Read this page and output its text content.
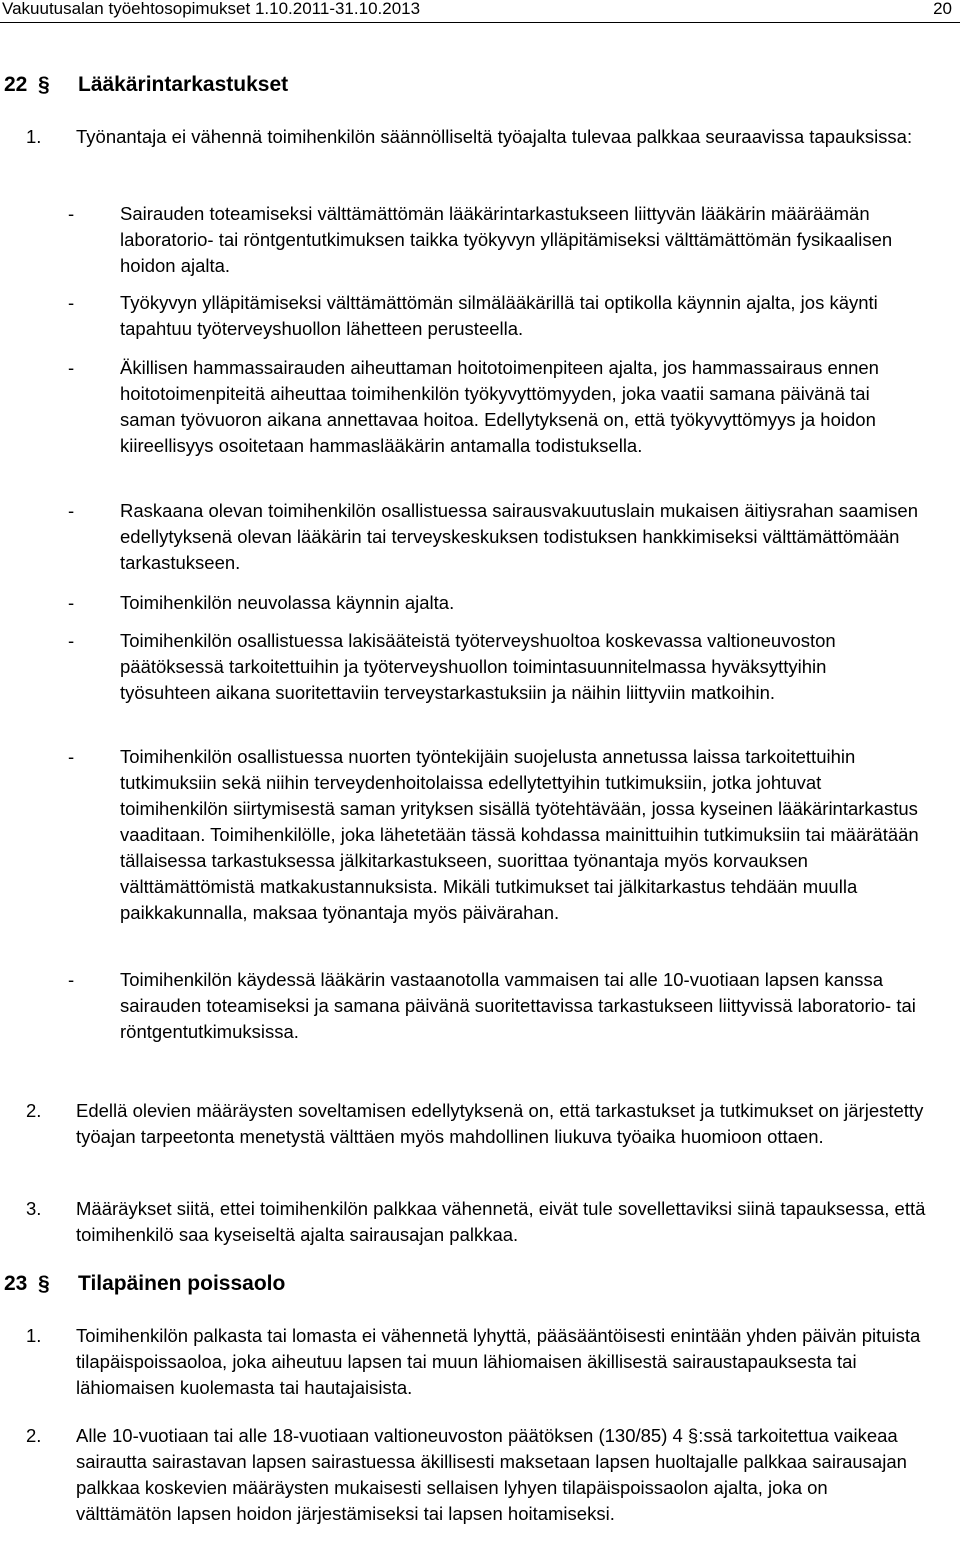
Vakuutusalan työehtosopimukset 1.10.2011-31.10.2013	20
22 § Lääkärintarkastukset
1. Työnantaja ei vähennä toimihenkilön säännölliseltä työajalta tulevaa palkkaa seuraavissa tapauksissa:
- Sairauden toteamiseksi välttämättömän lääkärintarkastukseen liittyvän lääkärin määräämän laboratorio- tai röntgentutkimuksen taikka työkyvyn ylläpitämiseksi välttämättömän fysikaalisen hoidon ajalta.
- Työkyvyn ylläpitämiseksi välttämättömän silmälääkärillä tai optikolla käynnin ajalta, jos käynti tapahtuu työterveyshuollon lähetteen perusteella.
- Äkillisen hammassairauden aiheuttaman hoitotoimenpiteen ajalta, jos hammassairaus ennen hoitotoimenpiteitä aiheuttaa toimihenkilön työkyvyttömyyden, joka vaatii samana päivänä tai saman työvuoron aikana annettavaa hoitoa. Edellytyksenä on, että työkyvyttömyys ja hoidon kiireellisyys osoitetaan hammaslääkärin antamalla todistuksella.
- Raskaana olevan toimihenkilön osallistuessa sairausvakuutuslain mukaisen äitiysrahan saamisen edellytyksenä olevan lääkärin tai terveyskeskuksen todistuksen hankkimiseksi välttämättömään tarkastukseen.
- Toimihenkilön neuvolassa käynnin ajalta.
- Toimihenkilön osallistuessa lakisääteistä työterveyshuoltoa koskevassa valtioneuvoston päätöksessä tarkoitettuihin ja työterveyshuollon toimintasuunnitelmassa hyväksyttyihin työsuhteen aikana suoritettaviin terveystarkastuksiin ja näihin liittyviin matkoihin.
- Toimihenkilön osallistuessa nuorten työntekijäin suojelusta annetussa laissa tarkoitettuihin tutkimuksiin sekä niihin terveydenhoitolaissa edellytettyihin tutkimuksiin, jotka johtuvat toimihenkilön siirtymisestä saman yrityksen sisällä työtehtävään, jossa kyseinen lääkärintarkastus vaaditaan. Toimihenkilölle, joka lähetetään tässä kohdassa mainittuihin tutkimuksiin tai määrätään tällaisessa tarkastuksessa jälkitarkastukseen, suorittaa työnantaja myös korvauksen välttämättömistä matkakustannuksista. Mikäli tutkimukset tai jälkitarkastus tehdään muulla paikkakunnalla, maksaa työnantaja myös päivärahan.
- Toimihenkilön käydessä lääkärin vastaanotolla vammaisen tai alle 10-vuotiaan lapsen kanssa sairauden toteamiseksi ja samana päivänä suoritettavissa tarkastukseen liittyvissä laboratorio- tai röntgentutkimuksissa.
2. Edellä olevien määräysten soveltamisen edellytyksenä on, että tarkastukset ja tutkimukset on järjestetty työajan tarpeetonta menetystä välttäen myös mahdollinen liukuva työaika huomioon ottaen.
3. Määräykset siitä, ettei toimihenkilön palkkaa vähennetä, eivät tule sovellettaviksi siinä tapauksessa, että toimihenkilö saa kyseiseltä ajalta sairausajan palkkaa.
23 § Tilapäinen poissaolo
1. Toimihenkilön palkasta tai lomasta ei vähennetä lyhyttä, pääsääntöisesti enintään yhden päivän pituista tilapäispoissaoloa, joka aiheutuu lapsen tai muun lähiomaisen äkillisestä sairaustapauksesta tai lähiomaisen kuolemasta tai hautajaisista.
2. Alle 10-vuotiaan tai alle 18-vuotiaan valtioneuvoston päätöksen (130/85) 4 §:ssä tarkoitettua vaikeaa sairautta sairastavan lapsen sairastuessa äkillisesti maksetaan lapsen huoltajalle palkkaa sairausajan palkkaa koskevien määräysten mukaisesti sellaisen lyhyen tilapäispoissaolon ajalta, joka on välttämätön lapsen hoidon järjestämiseksi tai lapsen hoitamiseksi.
